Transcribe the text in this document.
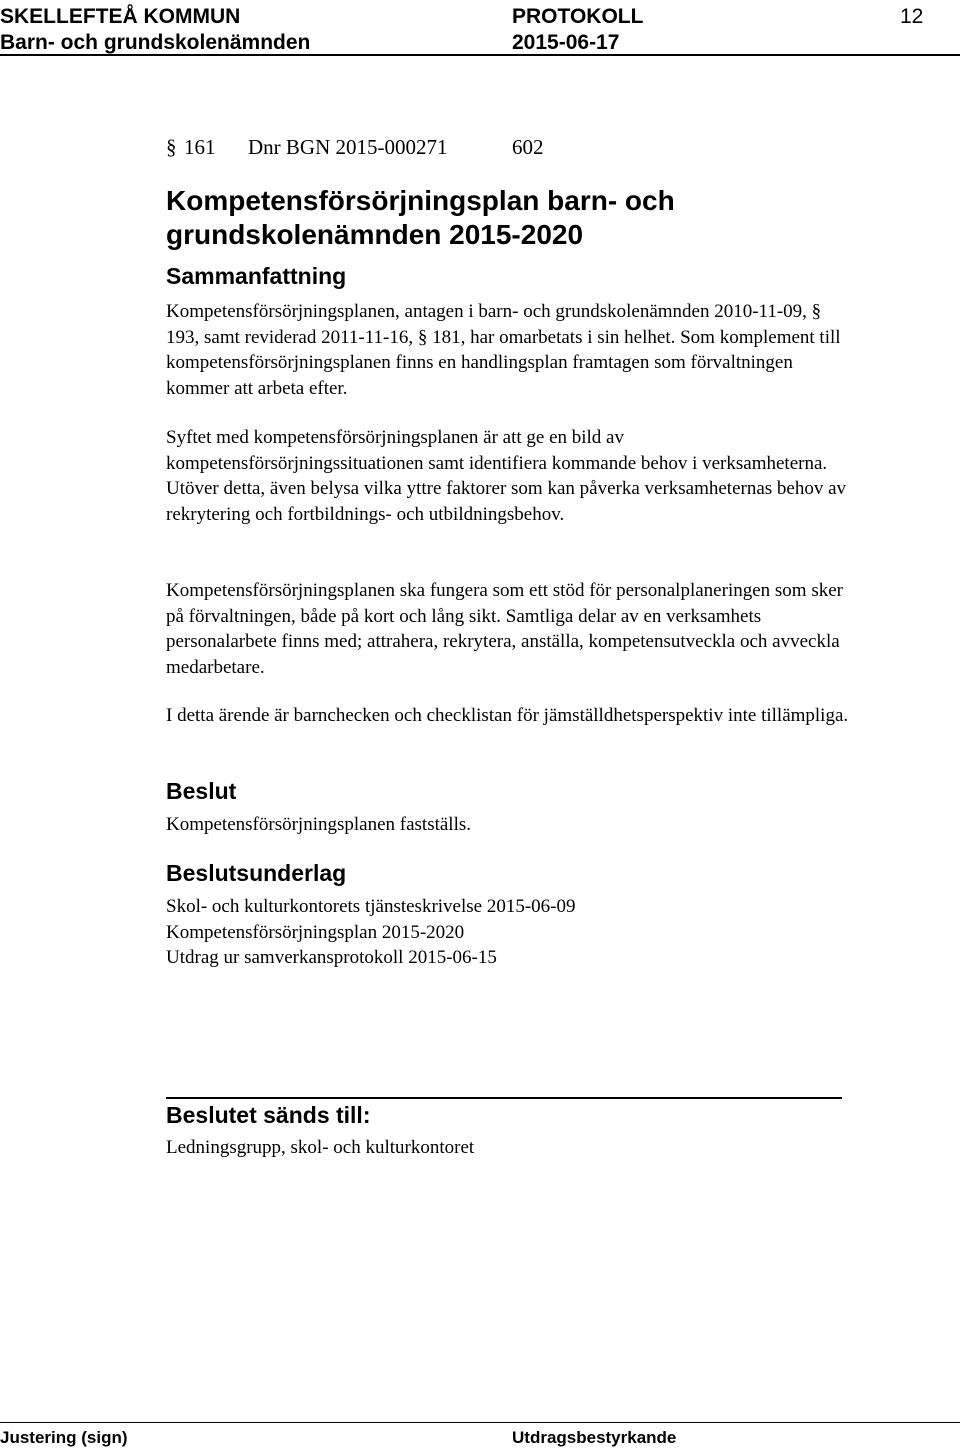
SKELLEFTEÅ KOMMUN	PROTOKOLL	12
Barn- och grundskolenämnden	2015-06-17
§ 161 Dnr BGN 2015-000271	602
Kompetensförsörjningsplan barn- och grundskolenämnden 2015-2020
Sammanfattning

Kompetensförsörjningsplanen, antagen i barn- och grundskolenämnden 2010-11-09, § 193, samt reviderad 2011-11-16, § 181, har omarbetats i sin helhet. Som komplement till kompetensförsörjningsplanen finns en handlingsplan framtagen som förvaltningen kommer att arbeta efter.

Syftet med kompetensförsörjningsplanen är att ge en bild av kompetensförsörjningssituationen samt identifiera kommande behov i verksamheterna. Utöver detta, även belysa vilka yttre faktorer som kan påverka verksamheternas behov av rekrytering och fortbildnings- och utbildningsbehov.

Kompetensförsörjningsplanen ska fungera som ett stöd för personalplaneringen som sker på förvaltningen, både på kort och lång sikt. Samtliga delar av en verksamhets personalarbete finns med; attrahera, rekrytera, anställa, kompetensutveckla och avveckla medarbetare.

I detta ärende är barnchecken och checklistan för jämställdhetsperspektiv inte tillämpliga.

Beslut

Kompetensförsörjningsplanen fastställs.

Beslutsunderlag

Skol- och kulturkontorets tjänsteskrivelse 2015-06-09

Kompetensförsörjningsplan 2015-2020

Utdrag ur samverkansprotokoll 2015-06-15

Beslutet sänds till:

Ledningsgrupp, skol- och kulturkontoret

Justering (sign)	Utdragsbestyrkande
